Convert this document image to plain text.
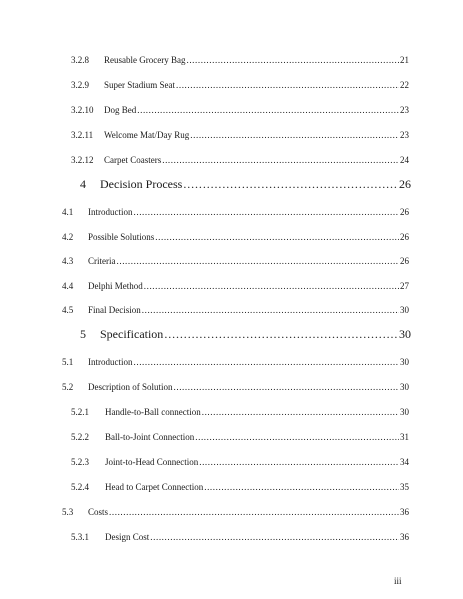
3.2.8	Reusable Grocery Bag .....	21
3.2.9	Super Stadium Seat .....	22
3.2.10	Dog Bed .....	23
3.2.11	Welcome Mat/Day Rug .....	23
3.2.12	Carpet Coasters .....	24
4	Decision Process .....	26
4.1	Introduction .....	26
4.2	Possible Solutions .....	26
4.3	Criteria .....	26
4.4	Delphi Method .....	27
4.5	Final Decision .....	30
5	Specification .....	30
5.1	Introduction .....	30
5.2	Description of Solution .....	30
5.2.1	Handle-to-Ball connection .....	30
5.2.2	Ball-to-Joint Connection .....	31
5.2.3	Joint-to-Head Connection .....	34
5.2.4	Head to Carpet Connection .....	35
5.3	Costs .....	36
5.3.1	Design Cost .....	36
iii
